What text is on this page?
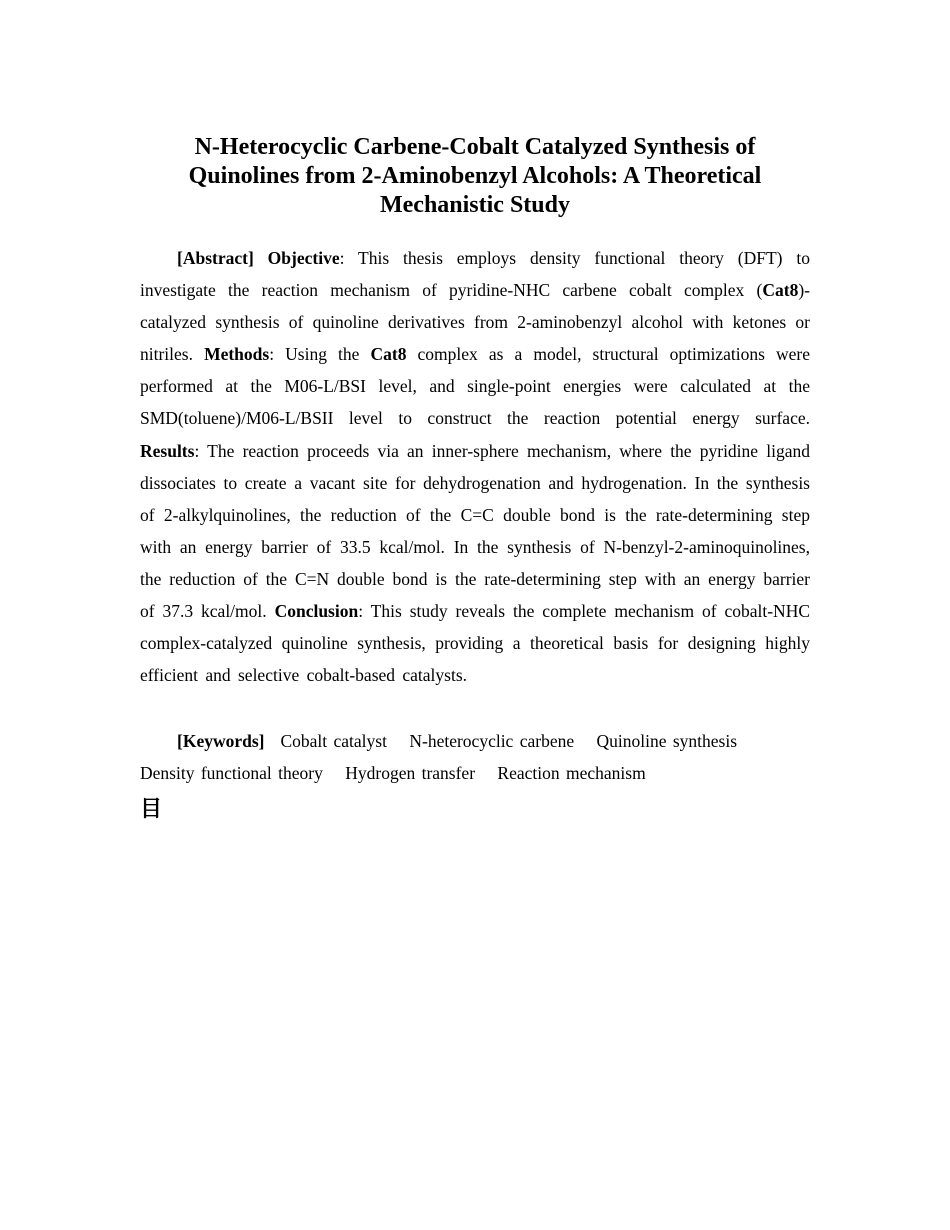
N-Heterocyclic Carbene-Cobalt Catalyzed Synthesis of Quinolines from 2-Aminobenzyl Alcohols: A Theoretical Mechanistic Study

[Abstract] Objective: This thesis employs density functional theory (DFT) to investigate the reaction mechanism of pyridine-NHC carbene cobalt complex (Cat8)-catalyzed synthesis of quinoline derivatives from 2-aminobenzyl alcohol with ketones or nitriles. Methods: Using the Cat8 complex as a model, structural optimizations were performed at the M06-L/BSI level, and single-point energies were calculated at the SMD(toluene)/M06-L/BSII level to construct the reaction potential energy surface. Results: The reaction proceeds via an inner-sphere mechanism, where the pyridine ligand dissociates to create a vacant site for dehydrogenation and hydrogenation. In the synthesis of 2-alkylquinolines, the reduction of the C=C double bond is the rate-determining step with an energy barrier of 33.5 kcal/mol. In the synthesis of N-benzyl-2-aminoquinolines, the reduction of the C=N double bond is the rate-determining step with an energy barrier of 37.3 kcal/mol. Conclusion: This study reveals the complete mechanism of cobalt-NHC complex-catalyzed quinoline synthesis, providing a theoretical basis for designing highly efficient and selective cobalt-based catalysts.

[Keywords] Cobalt catalyst N-heterocyclic carbene Quinoline synthesis Density functional theory Hydrogen transfer Reaction mechanism

目
